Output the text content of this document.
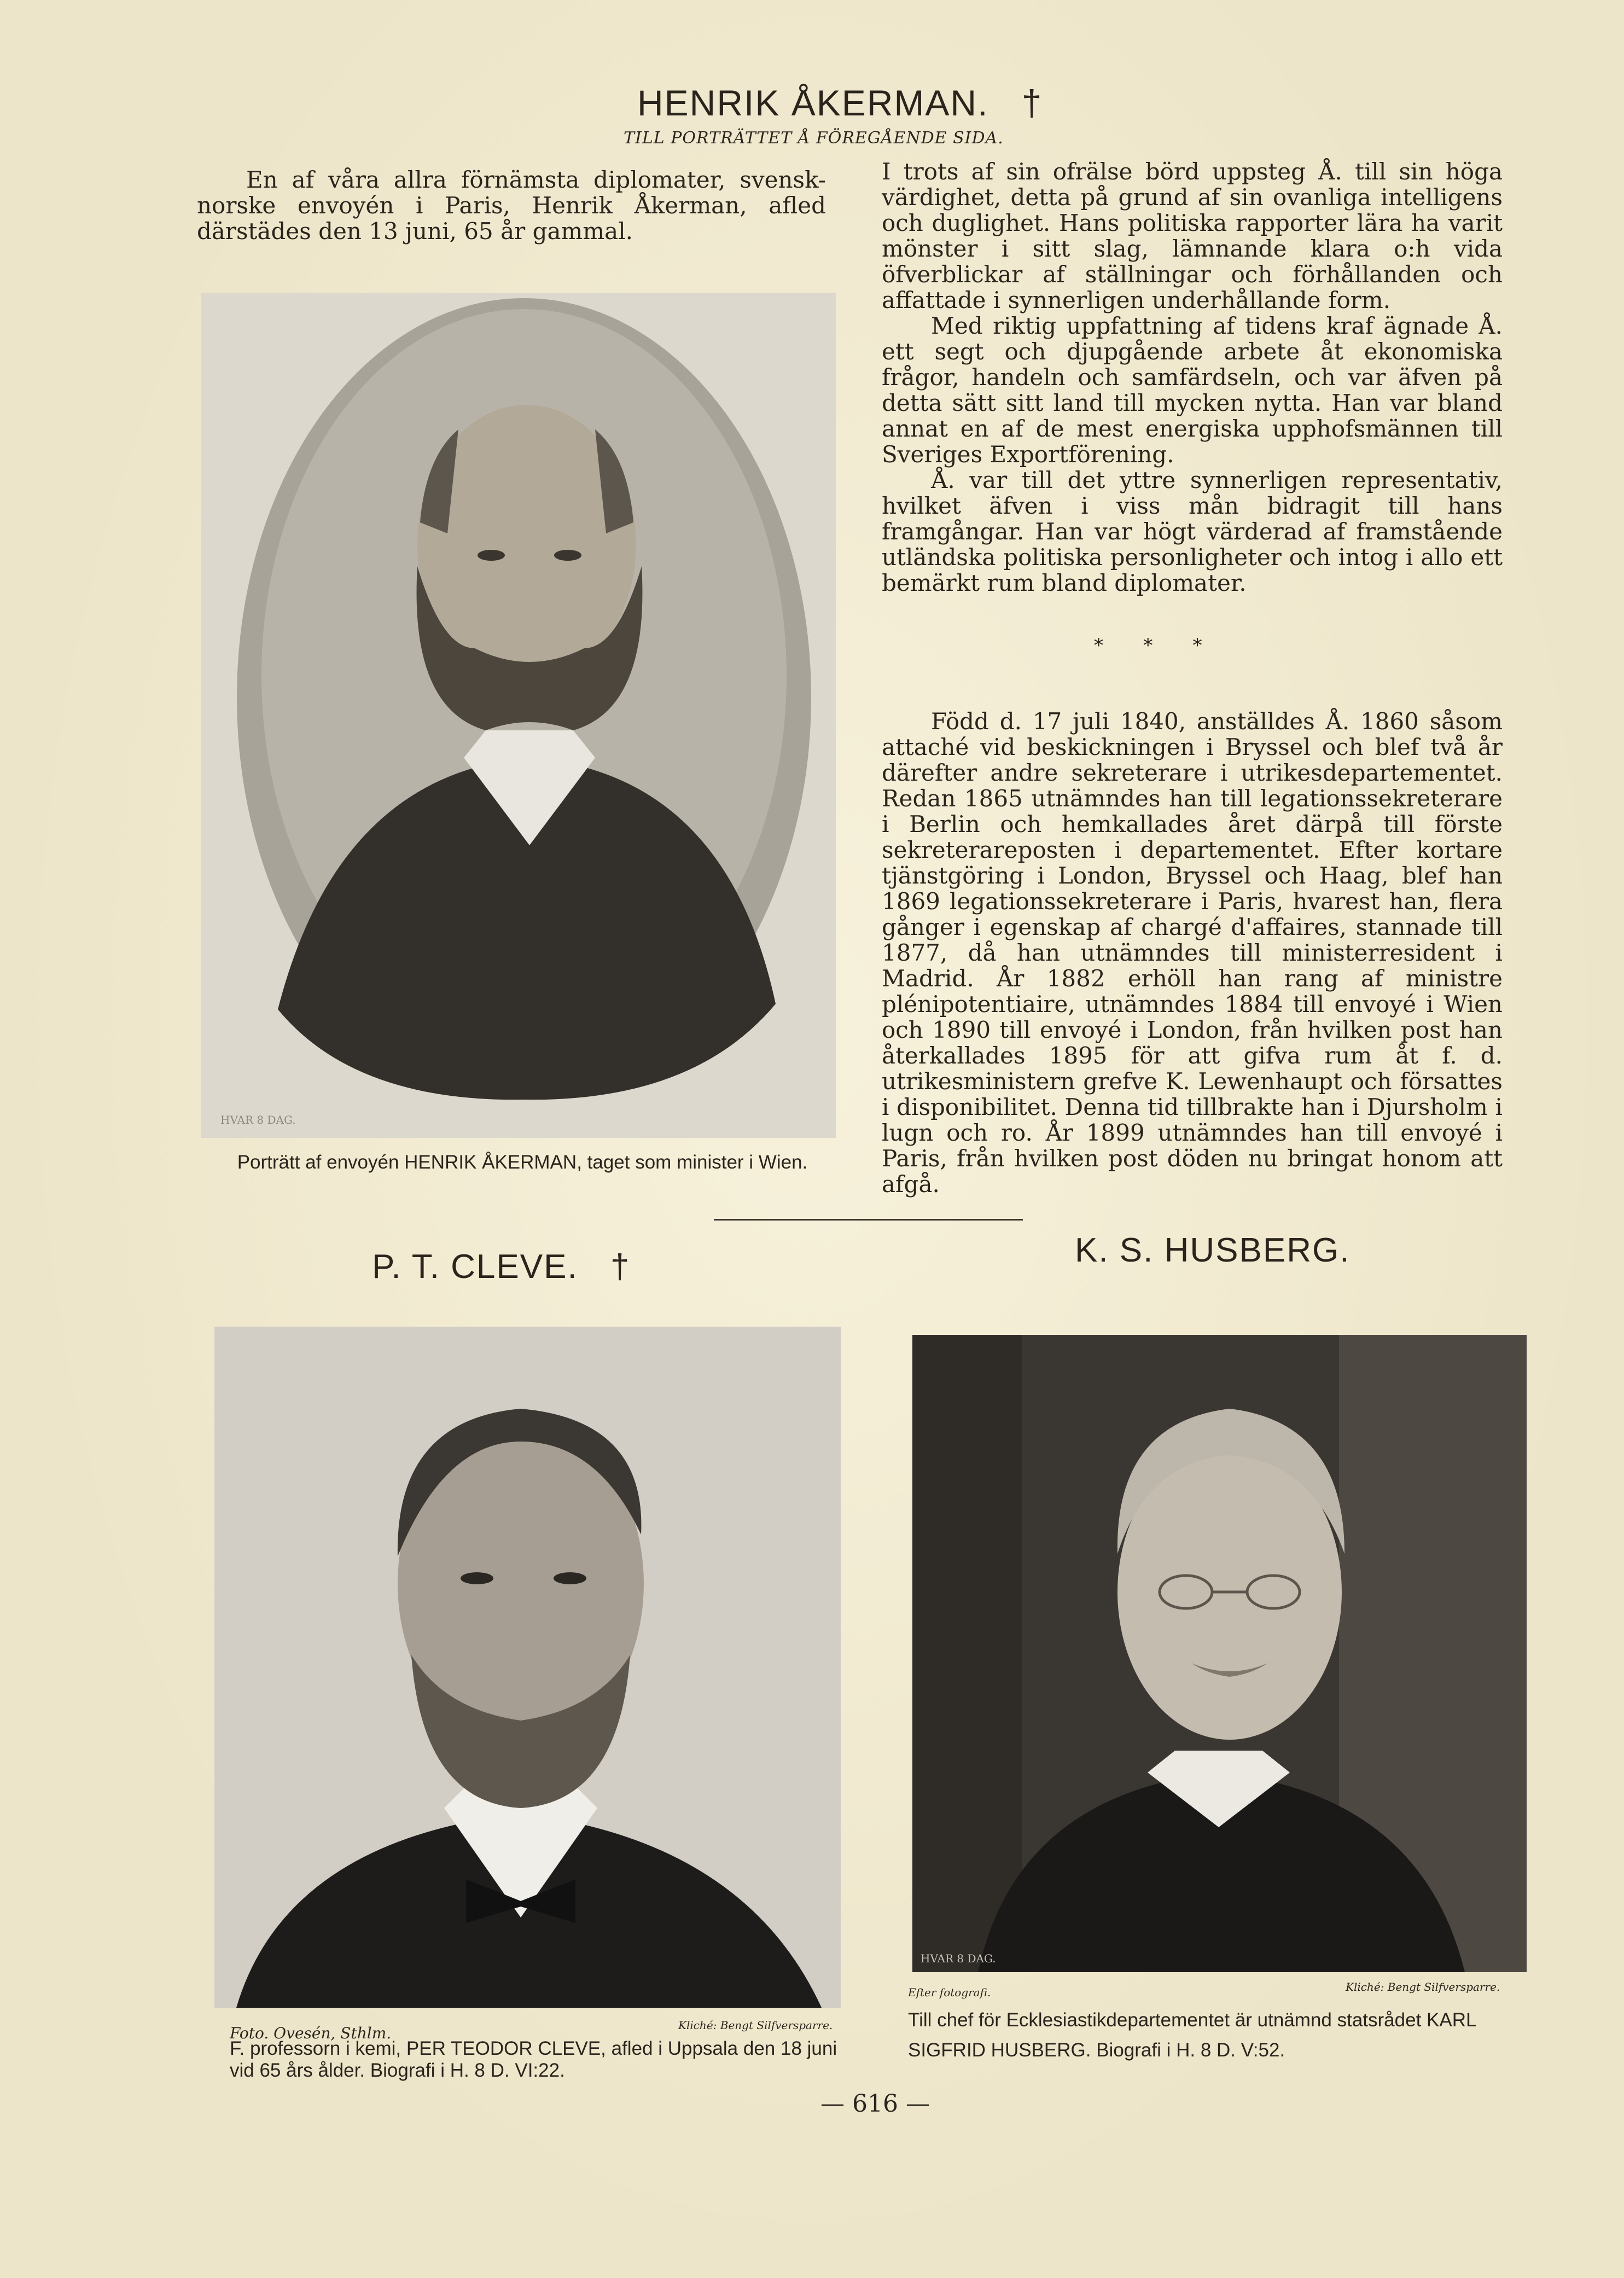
HENRIK ÅKERMAN. †
TILL PORTRÄTTET Å FÖREGÅENDE SIDA.

En af våra allra förnämsta diplomater, svensk-norske envoyén i Paris, Henrik Åkerman, afled därstädes den 13 juni, 65 år gammal.

HVAR 8 DAG.
Porträtt af envoyén HENRIK ÅKERMAN, taget som minister i Wien.

I trots af sin ofrälse börd uppsteg Å. till sin höga värdighet, detta på grund af sin ovanliga intelligens och duglighet. Hans politiska rapporter lära ha varit mönster i sitt slag, lämnande klara o:h vida öfverblickar af ställningar och förhållanden och affattade i synnerligen underhållande form.

Med riktig uppfattning af tidens kraf ägnade Å. ett segt och djupgående arbete åt ekonomiska frågor, handeln och samfärdseln, och var äfven på detta sätt sitt land till mycken nytta. Han var bland annat en af de mest energiska upphofsmännen till Sveriges Exportförening.

Å. var till det yttre synnerligen representativ, hvilket äfven i viss mån bidragit till hans framgångar. Han var högt värderad af framstående utländska politiska personligheter och intog i allo ett bemärkt rum bland diplomater.

*    *    *

Född d. 17 juli 1840, anställdes Å. 1860 såsom attaché vid beskickningen i Bryssel och blef två år därefter andre sekreterare i utrikesdepartementet. Redan 1865 utnämndes han till legationssekreterare i Berlin och hemkallades året därpå till förste sekreterareposten i departementet. Efter kortare tjänstgöring i London, Bryssel och Haag, blef han 1869 legationssekreterare i Paris, hvarest han, flera gånger i egenskap af chargé d'affaires, stannade till 1877, då han utnämndes till ministerresident i Madrid. År 1882 erhöll han rang af ministre plénipotentiaire, utnämndes 1884 till envoyé i Wien och 1890 till envoyé i London, från hvilken post han återkallades 1895 för att gifva rum åt f. d. utrikesministern grefve K. Lewenhaupt och försattes i disponibilitet. Denna tid tillbrakte han i Djursholm i lugn och ro. År 1899 utnämndes han till envoyé i Paris, från hvilken post döden nu bringat honom att afgå.

P. T. CLEVE. †
Foto. Ovesén, Sthlm.	Kliché: Bengt Silfversparre.
F. professorn i kemi, PER TEODOR CLEVE, afled i Uppsala den 18 juni vid 65 års ålder. Biografi i H. 8 D. VI:22.
K. S. HUSBERG.
HVAR 8 DAG.
Efter fotografi.	Kliché: Bengt Silfversparre.
Till chef för Ecklesiastikdepartementet är utnämnd statsrådet KARL SIGFRID HUSBERG. Biografi i H. 8 D. V:52.
— 616 —
